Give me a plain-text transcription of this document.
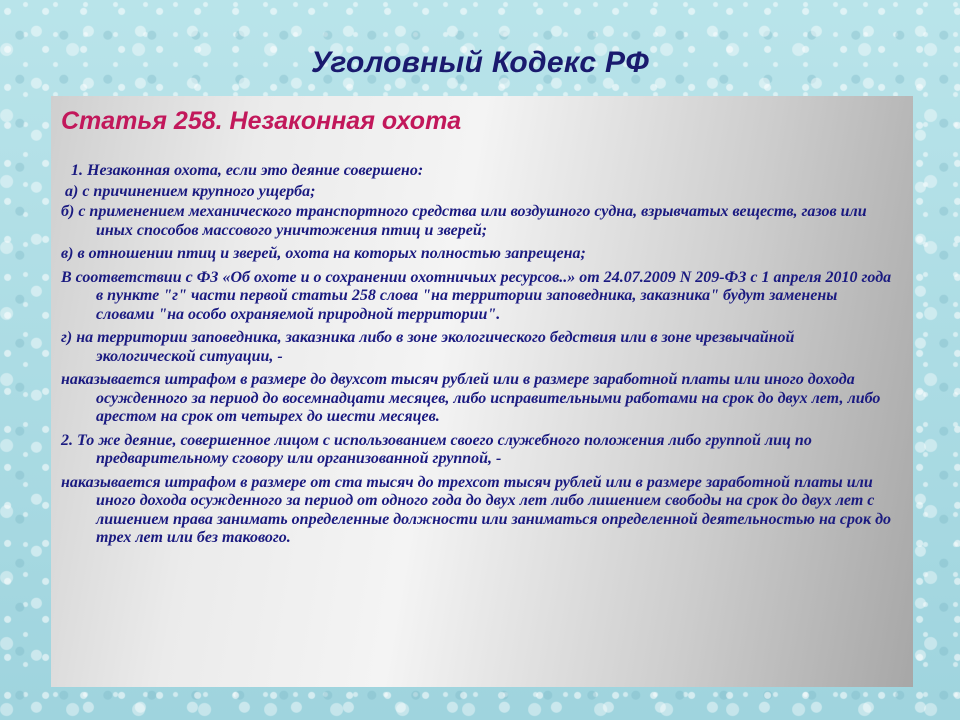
Уголовный Кодекс РФ
Статья 258. Незаконная охота

1. Незаконная охота, если это деяние совершено:

а) с причинением крупного ущерба;

б) с применением механического транспортного средства или воздушного судна, взрывчатых веществ, газов или иных способов массового уничтожения птиц и зверей;

в) в отношении птиц и зверей, охота на которых полностью запрещена;

В соответствии с ФЗ «Об охоте и о сохранении охотничьих ресурсов..» от 24.07.2009 N 209-ФЗ с 1 апреля 2010 года в пункте "г" части первой статьи 258 слова "на территории заповедника, заказника" будут заменены словами "на особо охраняемой природной территории".

г) на территории заповедника, заказника либо в зоне экологического бедствия или в зоне чрезвычайной экологической ситуации, -

наказывается штрафом в размере до двухсот тысяч рублей или в размере заработной платы или иного дохода осужденного за период до восемнадцати месяцев, либо исправительными работами на срок до двух лет, либо арестом на срок от четырех до шести месяцев.

2. То же деяние, совершенное лицом с использованием своего служебного положения либо группой лиц по предварительному сговору или организованной группой, -

наказывается штрафом в размере от ста тысяч до трехсот тысяч рублей или в размере заработной платы или иного дохода осужденного за период от одного года до двух лет либо лишением свободы на срок до двух лет с лишением права занимать определенные должности или заниматься определенной деятельностью на срок до трех лет или без такового.
